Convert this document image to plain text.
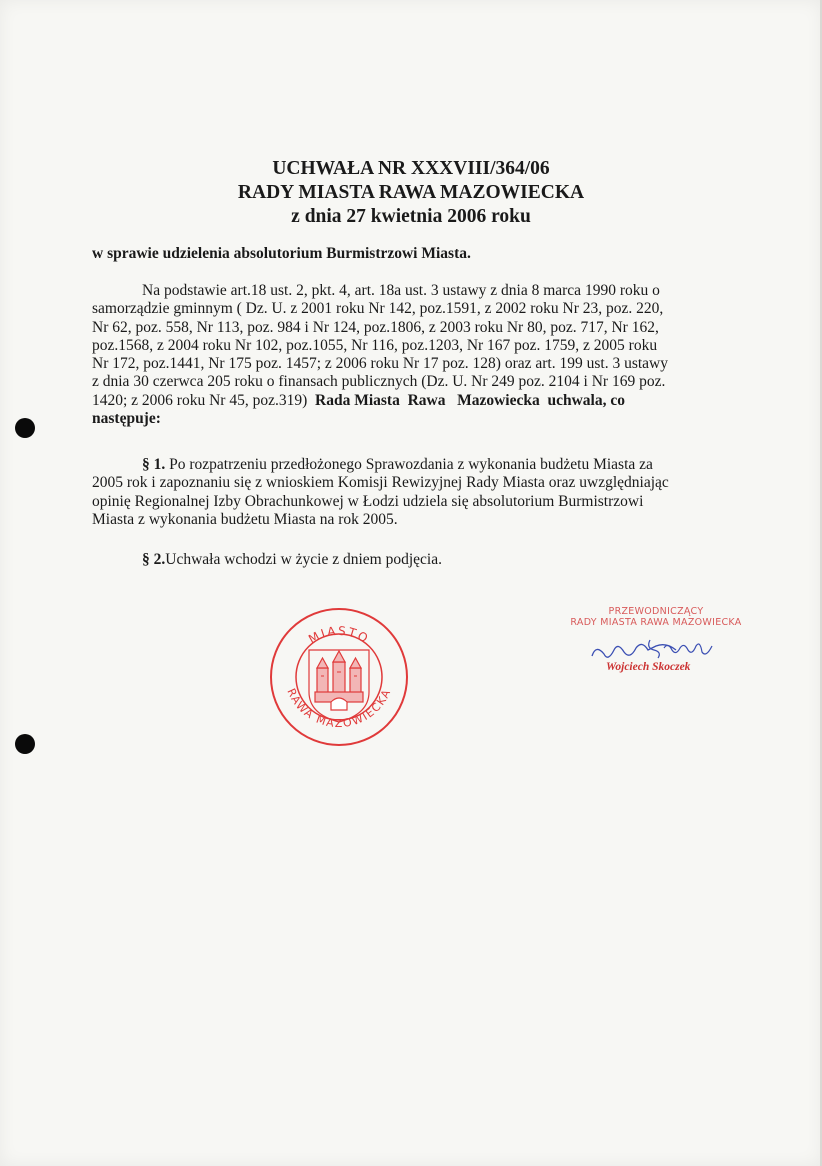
UCHWAŁA NR XXXVIII/364/06
RADY MIASTA RAWA MAZOWIECKA
z dnia 27 kwietnia 2006 roku
w sprawie udzielenia absolutorium Burmistrzowi Miasta.
Na podstawie art.18 ust. 2, pkt. 4, art. 18a ust. 3 ustawy z dnia 8 marca 1990 roku o
samorządzie gminnym ( Dz. U. z 2001 roku Nr 142, poz.1591, z 2002 roku Nr 23, poz. 220,
Nr 62, poz. 558, Nr 113, poz. 984 i Nr 124, poz.1806, z 2003 roku Nr 80, poz. 717, Nr 162,
poz.1568, z 2004 roku Nr 102, poz.1055, Nr 116, poz.1203, Nr 167 poz. 1759, z 2005 roku
Nr 172, poz.1441, Nr 175 poz. 1457; z 2006 roku Nr 17 poz. 128) oraz art. 199 ust. 3 ustawy
z dnia 30 czerwca 205 roku o finansach publicznych (Dz. U. Nr 249 poz. 2104 i Nr 169 poz.
1420; z 2006 roku Nr 45, poz.319)  Rada Miasta  Rawa   Mazowiecka  uchwala, co
następuje:
§ 1. Po rozpatrzeniu przedłożonego Sprawozdania z wykonania budżetu Miasta za
2005 rok i zapoznaniu się z wnioskiem Komisji Rewizyjnej Rady Miasta oraz uwzględniając
opinię Regionalnej Izby Obrachunkowej w Łodzi udziela się absolutorium Burmistrzowi
Miasta z wykonania budżetu Miasta na rok 2005.
§ 2.Uchwała wchodzi w życie z dniem podjęcia.
MIASTO
RAWA MAZOWIECKA
PRZEWODNICZĄCY
RADY MIASTA RAWA MAZOWIECKA
Wojciech Skoczek
